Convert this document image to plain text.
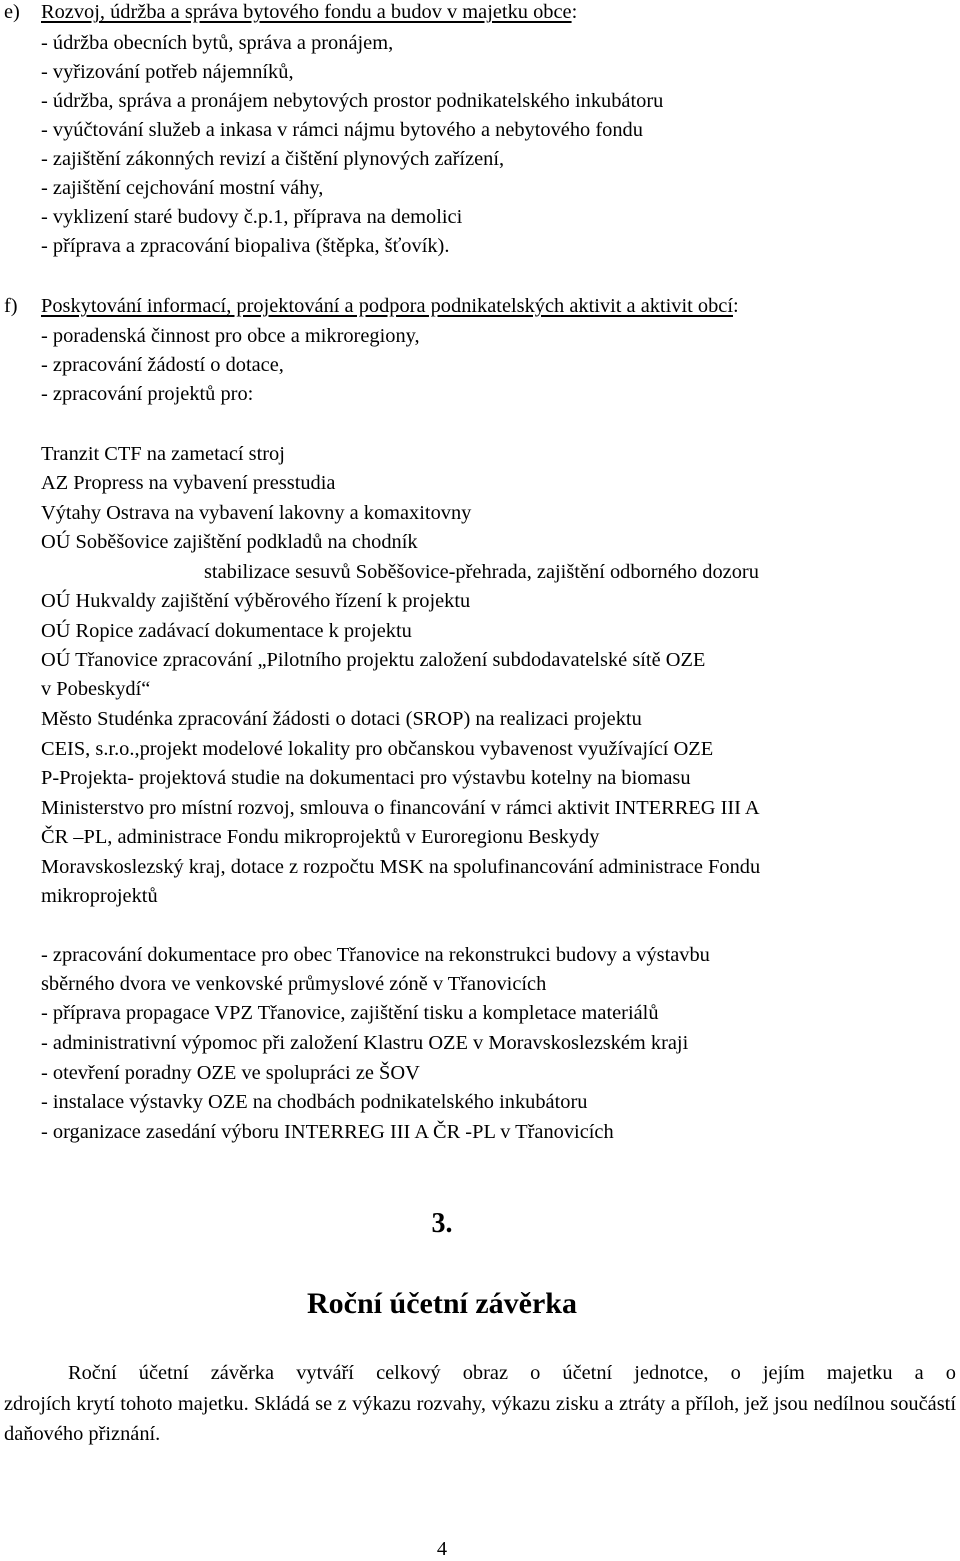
e) Rozvoj, údržba a správa bytového fondu a budov v majetku obce:
- údržba obecních bytů, správa a pronájem,
- vyřizování potřeb nájemníků,
- údržba, správa a pronájem nebytových prostor podnikatelského inkubátoru
- vyúčtování služeb a inkasa v rámci nájmu bytového a nebytového fondu
- zajištění zákonných revizí a čištění plynových zařízení,
- zajištění cejchování mostní váhy,
- vyklizení staré budovy č.p.1, příprava na demolici
- příprava a zpracování biopaliva (štěpka, šťovík).
f) Poskytování informací, projektování a podpora podnikatelských aktivit a aktivit obcí:
- poradenská činnost pro obce a mikroregiony,
- zpracování žádostí o dotace,
- zpracování projektů pro:
Tranzit CTF na zametací stroj
AZ Propress na vybavení presstudia
Výtahy Ostrava na vybavení lakovny a komaxitovny
OÚ Soběšovice zajištění podkladů na chodník
stabilizace sesuvů Soběšovice-přehrada, zajištění odborného dozoru
OÚ Hukvaldy zajištění výběrového řízení k projektu
OÚ Ropice zadávací dokumentace k projektu
OÚ Třanovice zpracování „Pilotního projektu založení subdodavatelské sítě OZE
v Pobeskydí“
Město Studénka zpracování žádosti o dotaci (SROP) na realizaci projektu
CEIS, s.r.o.,projekt modelové lokality pro občanskou vybavenost využívající OZE
P-Projekta- projektová studie na dokumentaci pro výstavbu kotelny na biomasu
Ministerstvo pro místní rozvoj, smlouva o financování v rámci aktivit INTERREG III A
ČR –PL, administrace Fondu mikroprojektů v Euroregionu Beskydy
Moravskoslezský kraj, dotace z rozpočtu MSK na spolufinancování administrace Fondu
mikroprojektů
- zpracování dokumentace pro obec Třanovice na rekonstrukci budovy a výstavbu
sběrného dvora ve venkovské průmyslové zóně v Třanovicích
- příprava propagace VPZ Třanovice, zajištění tisku a kompletace materiálů
- administrativní výpomoc při založení Klastru OZE v Moravskoslezském kraji
- otevření poradny OZE ve spolupráci ze ŠOV
- instalace výstavky OZE na chodbách podnikatelského inkubátoru
- organizace zasedání výboru INTERREG III A ČR -PL v Třanovicích
3.
Roční účetní závěrka
Roční účetní závěrka vytváří celkový obraz o účetní jednotce, o jejím majetku a o
zdrojích krytí tohoto majetku. Skládá se z výkazu rozvahy, výkazu zisku a ztráty a příloh, jež jsou nedílnou součástí daňového přiznání.
4
